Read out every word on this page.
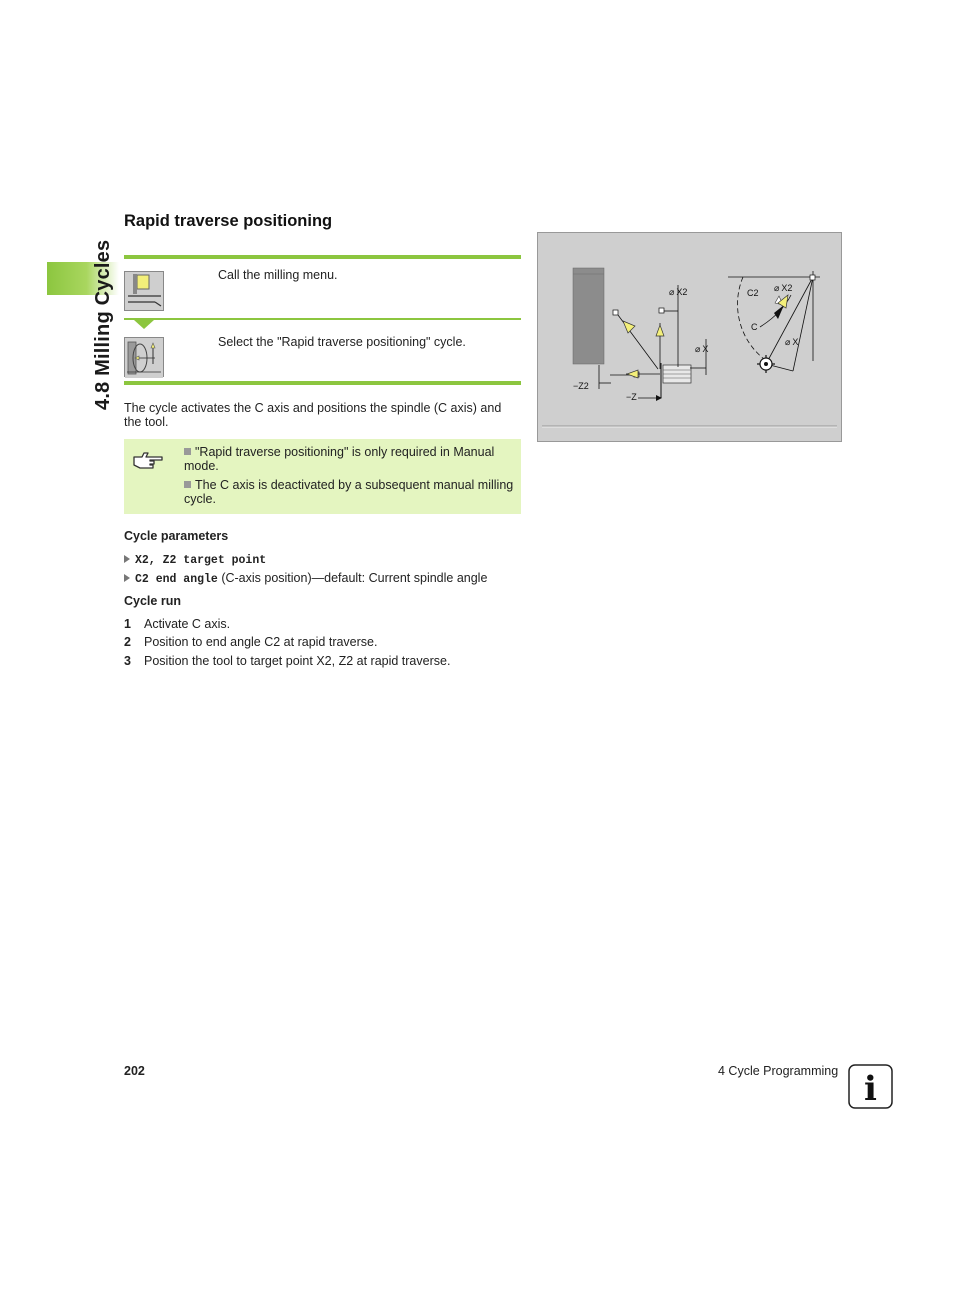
4.8 Milling Cycles
Rapid traverse positioning
Call the milling menu.
Select the "Rapid traverse positioning" cycle.
The cycle activates the C axis and positions the spindle (C axis) and the tool.
"Rapid traverse positioning" is only required in Manual mode.
The C axis is deactivated by a subsequent manual milling cycle.
Cycle parameters
X2, Z2 target point
C2 end angle (C-axis position)—default: Current spindle angle
Cycle run
1 Activate C axis.
2 Position to end angle C2 at rapid traverse.
3 Position the tool to target point X2, Z2 at rapid traverse.
⌀ X2
⌀ X
−Z2
−Z
C2 ⌀ X2
C
⌀ X
202	4 Cycle Programming i
